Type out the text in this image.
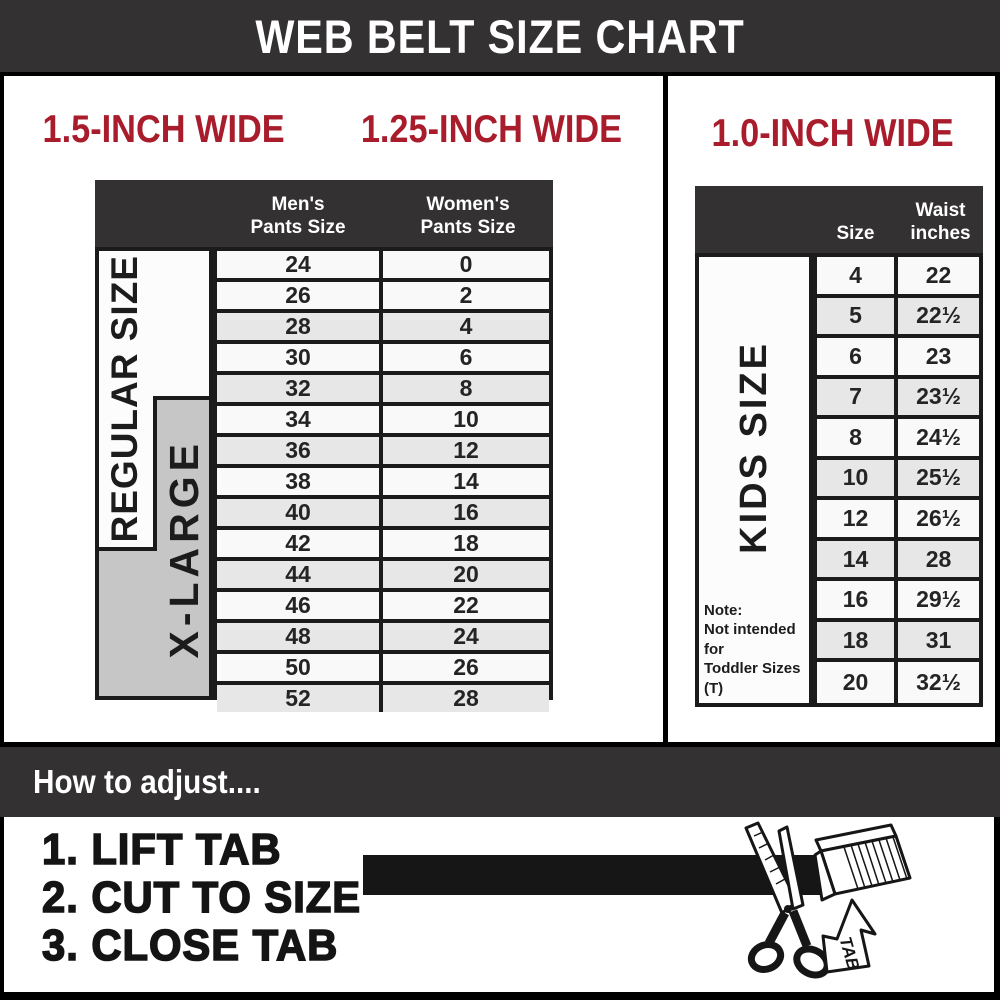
WEB BELT SIZE CHART
1.5-INCH WIDE 1.25-INCH WIDE 1.0-INCH WIDE
Men's
Pants Size
Women's
Pants Size
REGULAR SIZE
X-LARGE
24	0
26	2
28	4
30	6
32	8
34	10
36	12
38	14
40	16
42	18
44	20
46	22
48	24
50	26
52	28
Size
Waist
inches
KIDS SIZE
Note:
Not intended for
Toddler Sizes (T)
4	22
5	22½
6	23
7	23½
8	24½
10	25½
12	26½
14	28
16	29½
18	31
20	32½
How to adjust....
1. LIFT TAB
2. CUT TO SIZE
3. CLOSE TAB	TAB
